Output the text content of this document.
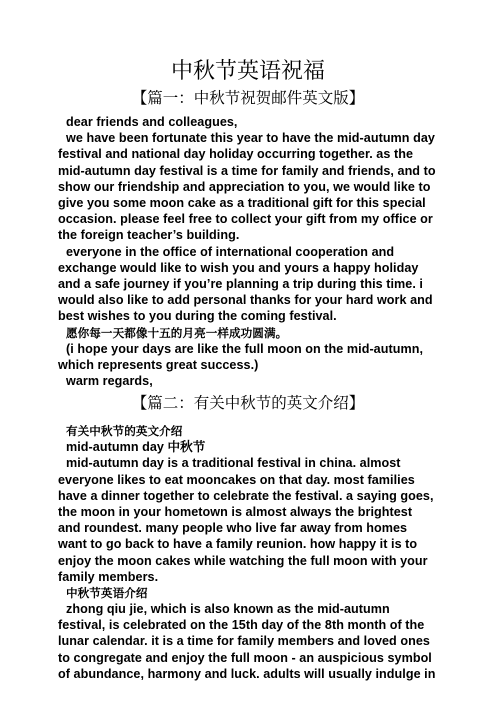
中秋节英语祝福
【篇一：中秋节祝贺邮件英文版】

dear friends and colleagues,

we have been fortunate this year to have the mid-autumn day festival and national day holiday occurring together. as the mid-autumn day festival is a time for family and friends, and to show our friendship and appreciation to you, we would like to give you some moon cake as a traditional gift for this special occasion. please feel free to collect your gift from my office or the foreign teacher’s building.

everyone in the office of international cooperation and exchange would like to wish you and yours a happy holiday and a safe journey if you’re planning a trip during this time. i would also like to add personal thanks for your hard work and best wishes to you during the coming festival.

愿你每一天都像十五的月亮一样成功圆满。

(i hope your days are like the full moon on the mid-autumn, which represents great success.)

warm regards,

【篇二：有关中秋节的英文介绍】

有关中秋节的英文介绍

mid-autumn day 中秋节

mid-autumn day is a traditional festival in china. almost everyone likes to eat mooncakes on that day. most families have a dinner together to celebrate the festival. a saying goes, the moon in your hometown is almost always the brightest and roundest. many people who live far away from homes want to go back to have a family reunion. how happy it is to enjoy the moon cakes while watching the full moon with your family members.

中秋节英语介绍

zhong qiu jie, which is also known as the mid-autumn festival, is celebrated on the 15th day of the 8th month of the lunar calendar. it is a time for family members and loved ones to congregate and enjoy the full moon - an auspicious symbol of abundance, harmony and luck. adults will usually indulge in
